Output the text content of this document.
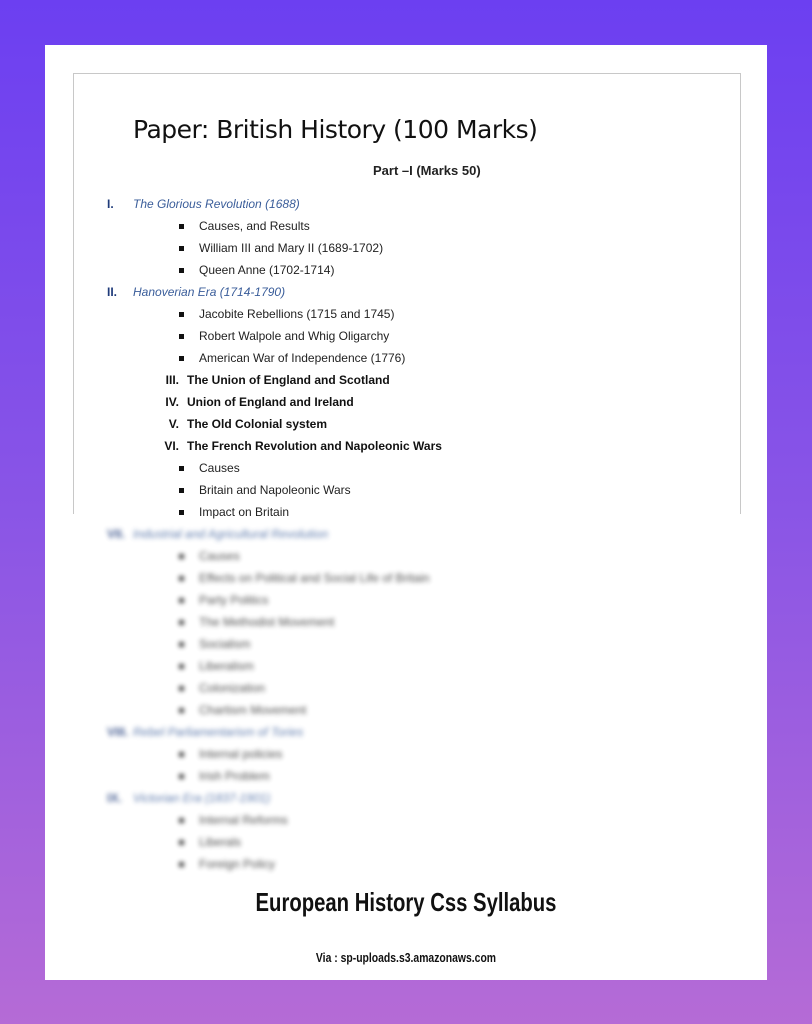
Paper: British History (100 Marks)
Part –I (Marks 50)
I.	The Glorious Revolution (1688)
Causes, and Results
William III and Mary II (1689-1702)
Queen Anne (1702-1714)
II.	Hanoverian Era (1714-1790)
Jacobite Rebellions (1715 and 1745)
Robert Walpole and Whig Oligarchy
American War of Independence (1776)
III. The Union of England and Scotland
IV. Union of England and Ireland
V. The Old Colonial system
VI. The French Revolution and Napoleonic Wars
Causes
Britain and Napoleonic Wars
Impact on Britain
VII. Industrial and Agricultural Revolution
Causes
Effects on Political and Social Life of Britain
Party Politics
The Methodist Movement
Socialism
Liberalism
Colonization
Chartism Movement
VIII. Rebel Parliamentarism of Tories
Internal policies
Irish Problem
IX. Victorian Era (1837-1901)
Internal Reforms
Liberals
Foreign Policy
European History Css Syllabus
Via : sp-uploads.s3.amazonaws.com
